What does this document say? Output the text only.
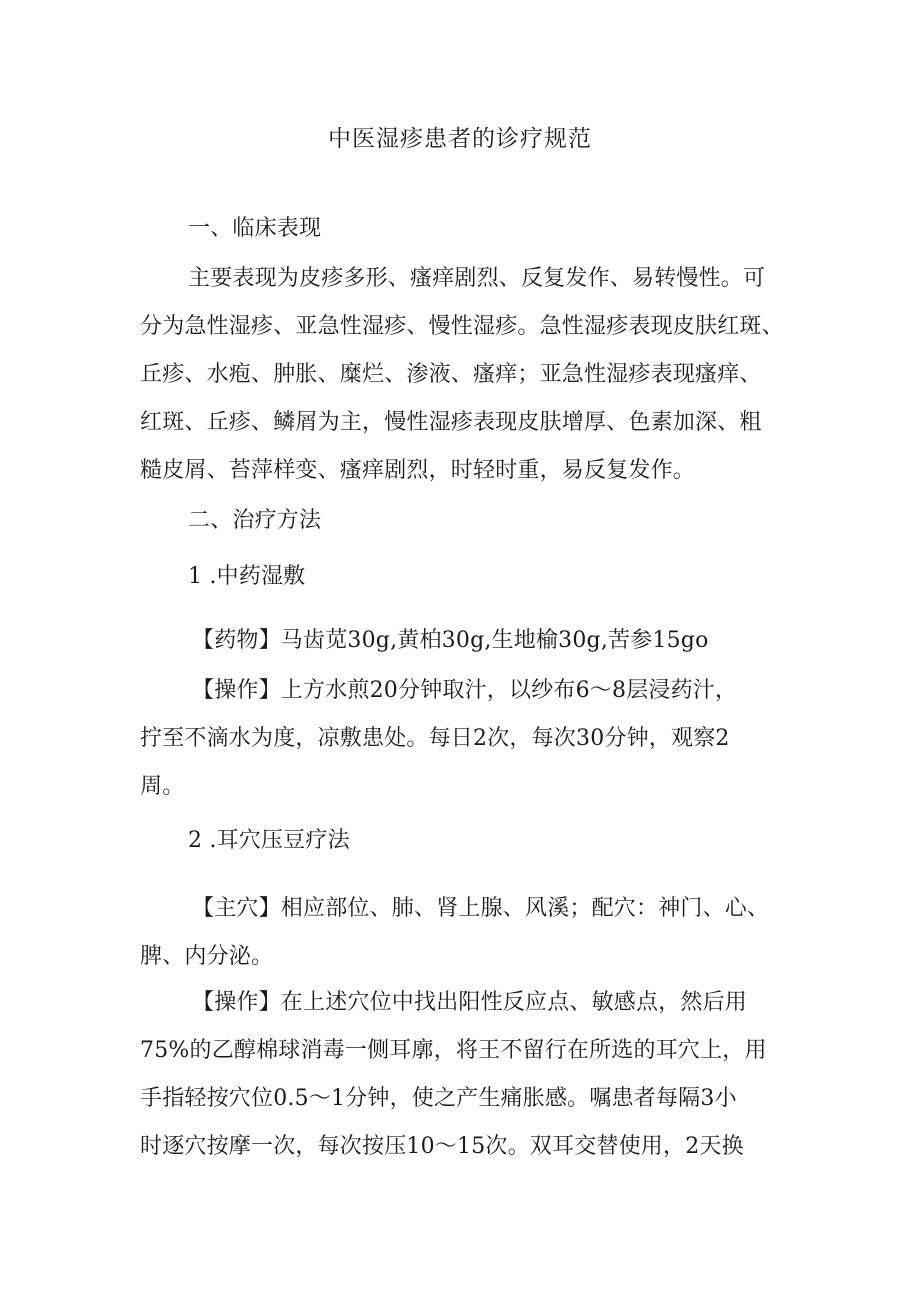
中医湿疹患者的诊疗规范
一、临床表现
主要表现为皮疹多形、瘙痒剧烈、反复发作、易转慢性。可
分为急性湿疹、亚急性湿疹、慢性湿疹。急性湿疹表现皮肤红斑、
丘疹、水疱、肿胀、糜烂、渗液、瘙痒；亚急性湿疹表现瘙痒、
红斑、丘疹、鳞屑为主，慢性湿疹表现皮肤增厚、色素加深、粗
糙皮屑、苔萍样变、瘙痒剧烈，时轻时重，易反复发作。
二、治疗方法
1 .中药湿敷
【药物】马齿苋30g,黄柏30g,生地榆30g,苦参15go
【操作】上方水煎20分钟取汁，以纱布6～8层浸药汁，
拧至不滴水为度，凉敷患处。每日2次，每次30分钟，观察2
周。
2 .耳穴压豆疗法
【主穴】相应部位、肺、肾上腺、风溪；配穴：神门、心、
脾、内分泌。
【操作】在上述穴位中找出阳性反应点、敏感点，然后用
75%的乙醇棉球消毒一侧耳廓，将王不留行在所选的耳穴上，用
手指轻按穴位0.5～1分钟，使之产生痛胀感。嘱患者每隔3小
时逐穴按摩一次，每次按压10～15次。双耳交替使用，2天换
